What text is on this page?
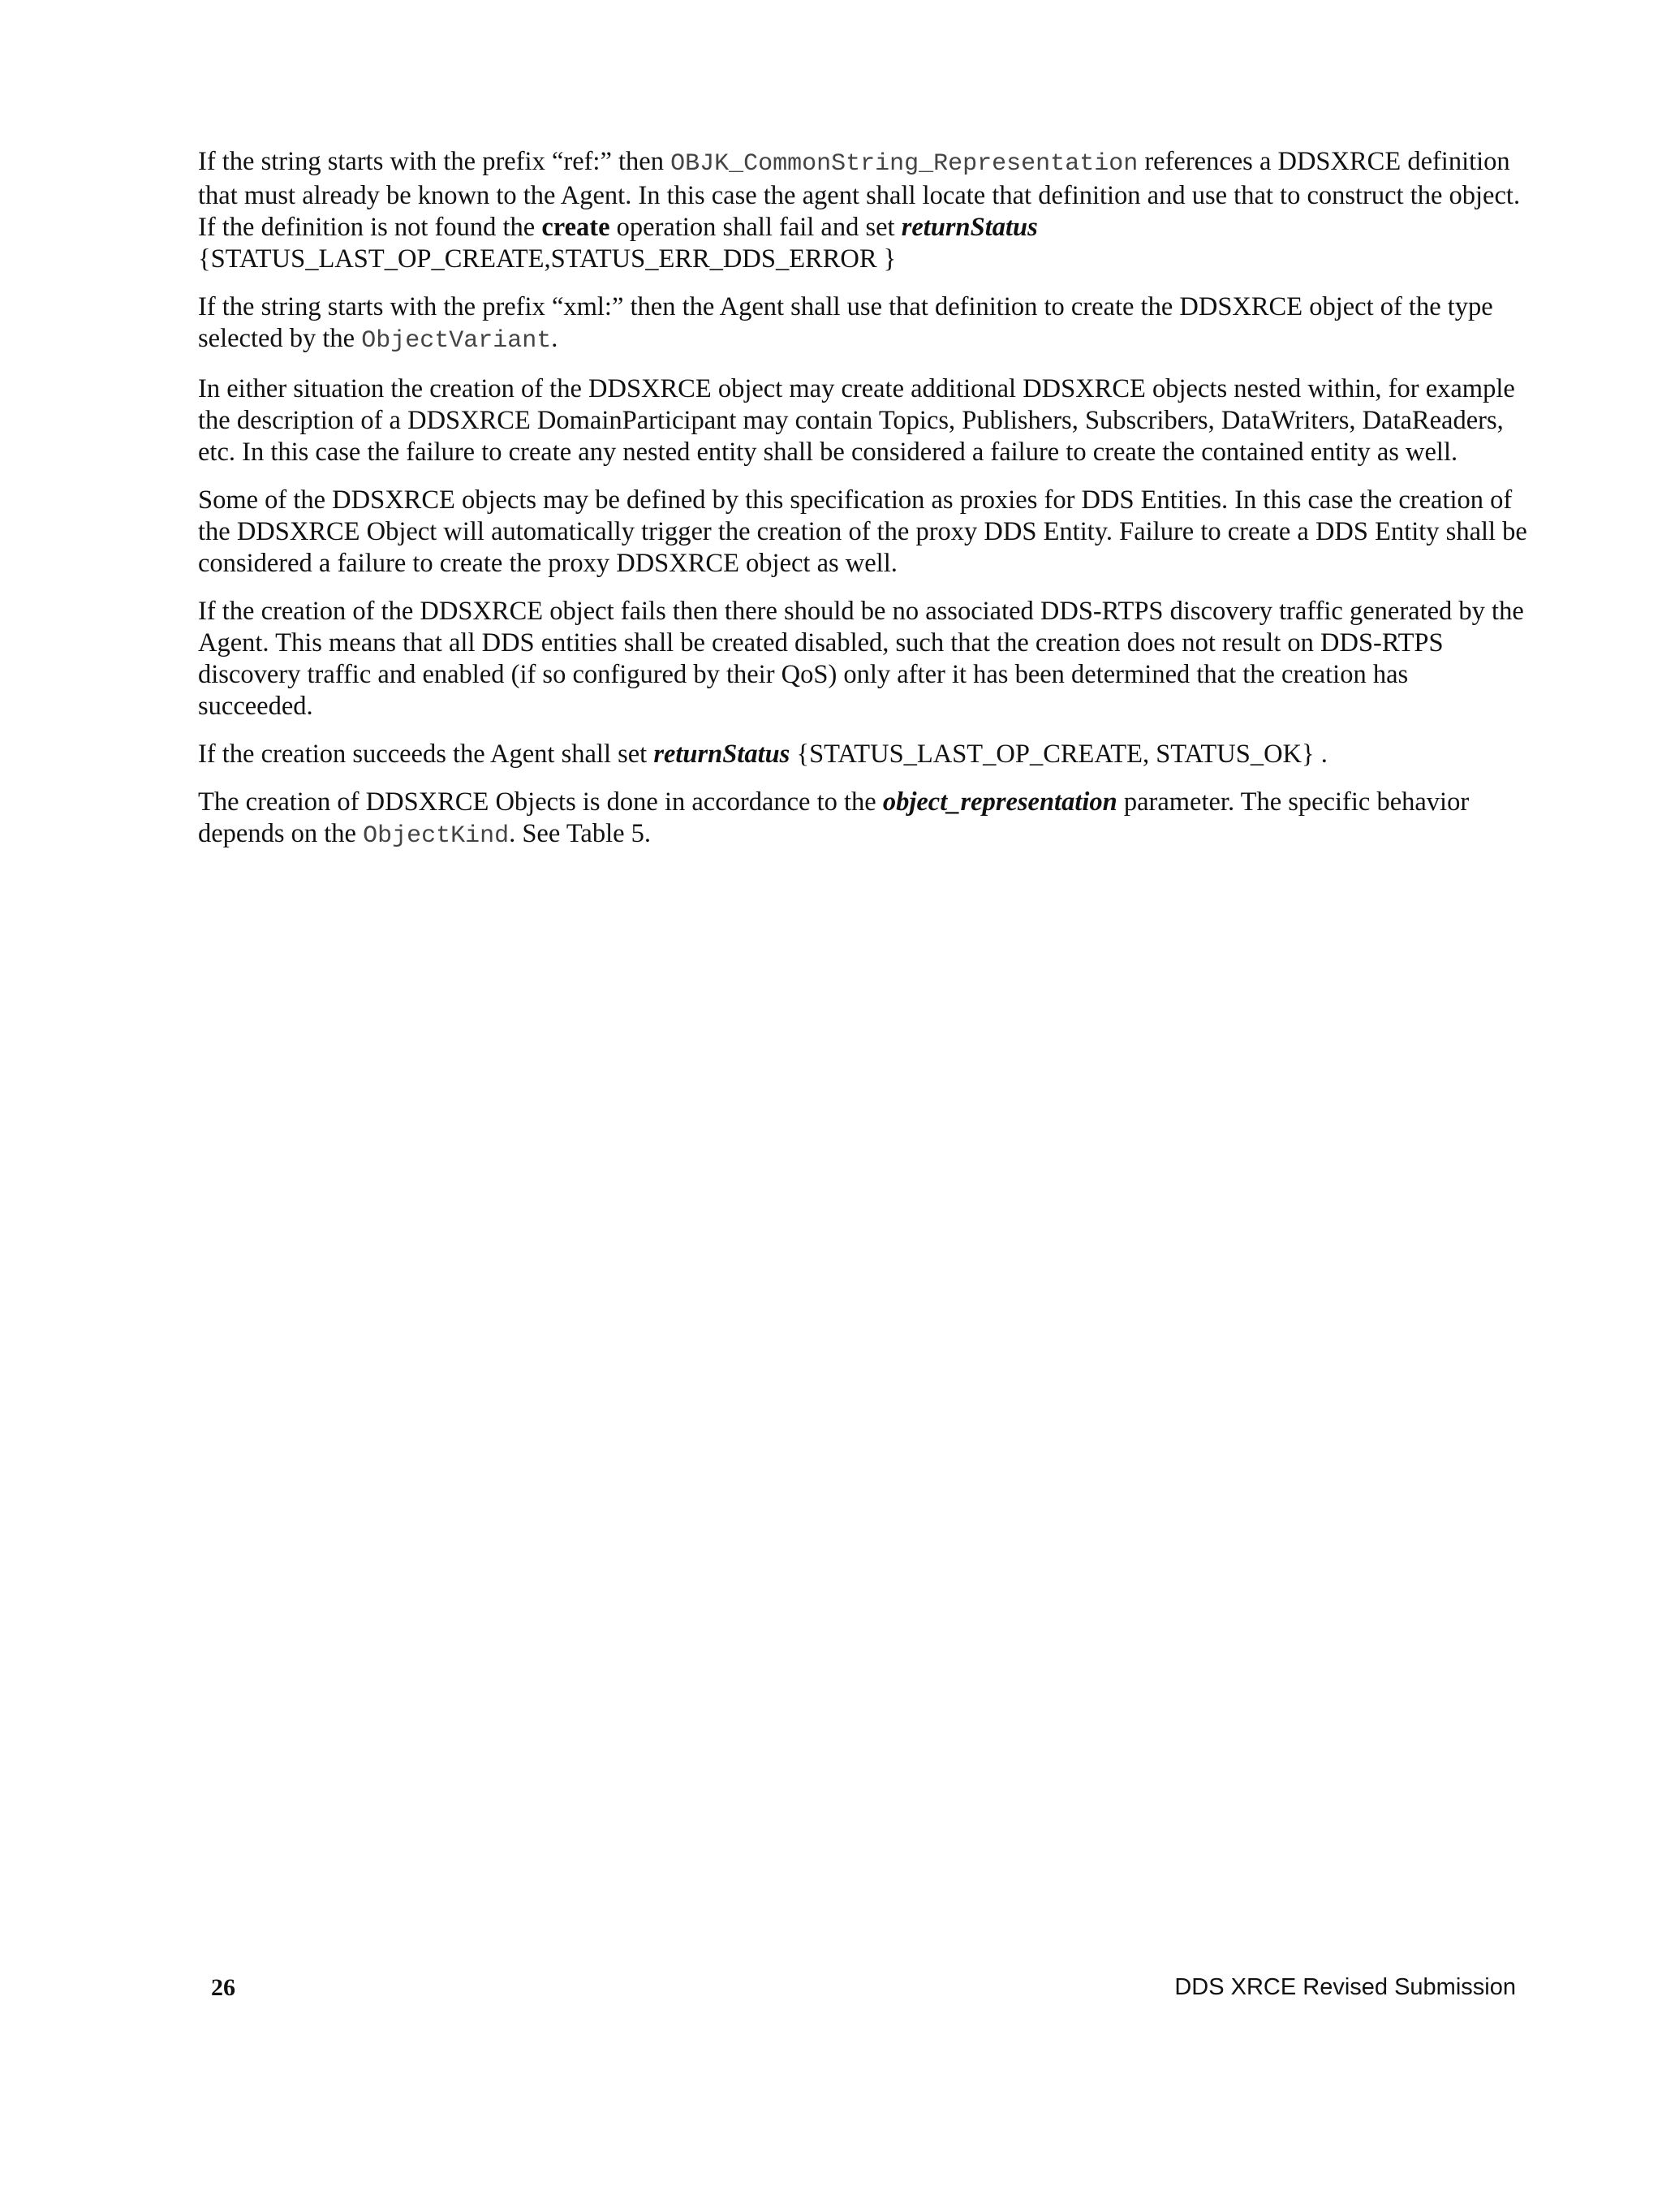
If the string starts with the prefix “ref:” then OBJK_CommonString_Representation references a DDSXRCE definition that must already be known to the Agent. In this case the agent shall locate that definition and use that to construct the object. If the definition is not found the create operation shall fail and set returnStatus {STATUS_LAST_OP_CREATE,STATUS_ERR_DDS_ERROR }

If the string starts with the prefix “xml:” then the Agent shall use that definition to create the DDSXRCE object of the type selected by the ObjectVariant.

In either situation the creation of the DDSXRCE object may create additional DDSXRCE objects nested within, for example the description of a DDSXRCE DomainParticipant may contain Topics, Publishers, Subscribers, DataWriters, DataReaders, etc. In this case the failure to create any nested entity shall be considered a failure to create the contained entity as well.

Some of the DDSXRCE objects may be defined by this specification as proxies for DDS Entities. In this case the creation of the DDSXRCE Object will automatically trigger the creation of the proxy DDS Entity. Failure to create a DDS Entity shall be considered a failure to create the proxy DDSXRCE object as well.

If the creation of the DDSXRCE object fails then there should be no associated DDS-RTPS discovery traffic generated by the Agent. This means that all DDS entities shall be created disabled, such that the creation does not result on DDS-RTPS discovery traffic and enabled (if so configured by their QoS) only after it has been determined that the creation has succeeded.

If the creation succeeds the Agent shall set returnStatus {STATUS_LAST_OP_CREATE, STATUS_OK} .

The creation of DDSXRCE Objects is done in accordance to the object_representation parameter. The specific behavior depends on the ObjectKind. See Table 5.

26	DDS XRCE Revised Submission
